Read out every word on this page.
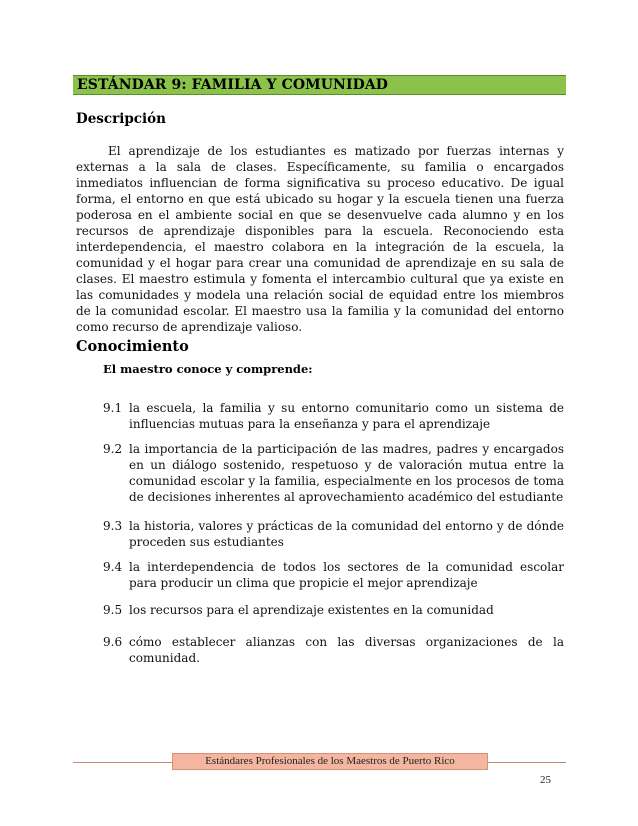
ESTÁNDAR 9: FAMILIA Y COMUNIDAD
Descripción
El aprendizaje de los estudiantes es matizado por fuerzas internas y externas a la sala de clases. Específicamente, su familia o encargados inmediatos influencian de forma significativa su proceso educativo. De igual forma, el entorno en que está ubicado su hogar y la escuela tienen una fuerza poderosa en el ambiente social en que se desenvuelve cada alumno y en los recursos de aprendizaje disponibles para la escuela. Reconociendo esta interdependencia, el maestro colabora en la integración de la escuela, la comunidad y el hogar para crear una comunidad de aprendizaje en su sala de clases. El maestro estimula y fomenta el intercambio cultural que ya existe en las comunidades y modela una relación social de equidad entre los miembros de la comunidad escolar. El maestro usa la familia y la comunidad del entorno como recurso de aprendizaje valioso.
Conocimiento
El maestro conoce y comprende:
9.1 la escuela, la familia y su entorno comunitario como un sistema de influencias mutuas para la enseñanza y para el aprendizaje
9.2 la importancia de la participación de las madres, padres y encargados en un diálogo sostenido, respetuoso y de valoración mutua entre la comunidad escolar y la familia, especialmente en los procesos de toma de decisiones inherentes al aprovechamiento académico del estudiante
9.3 la historia, valores y prácticas de la comunidad del entorno y de dónde proceden sus estudiantes
9.4 la interdependencia de todos los sectores de la comunidad escolar para producir un clima que propicie el mejor aprendizaje
9.5 los recursos para el aprendizaje existentes en la comunidad
9.6 cómo establecer alianzas con las diversas organizaciones de la comunidad.
Estándares Profesionales de los Maestros de Puerto Rico
25
